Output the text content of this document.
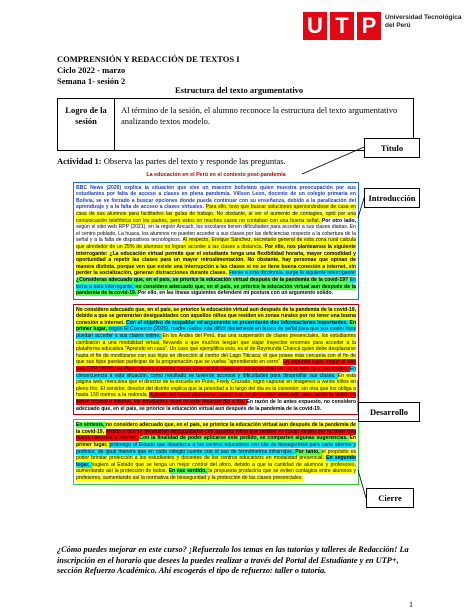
U T P	Universidad Tecnológica del Perú
COMPRENSIÓN Y REDACCIÓN DE TEXTOS I
Ciclo 2022 - marzo
Semana 1- sesión 2
Estructura del texto argumentativo
Logro de la sesión
Al término de la sesión, el alumno reconoce la estructura del texto argumentativo analizando textos modelo.
Actividad 1: Observa las partes del texto y responde las preguntas.
La educación en el Perú en el contexto post-pandemia

BBC News (2020) explica la situación que vive un maestro boliviano quien muestra preocupación por sus estudiantes por falta de acceso a clases en plena pandemia. Villson Leon, docente de un colegio primaria en Bolivia, se ve forzado a buscar opciones donde pueda continuar con su enseñanza, debido a la paralización del aprendizaje y a la falta de acceso a clases virtuales. Para ello, tuvo que buscar soluciones apersonándose de casa en casa de sus alumnos para facilitarles las guías de trabajo. No obstante, al ver el aumento de contagios, optó por una comunicación telefónica con los padres, pero estos en muchos casos no contaban con una buena señal. Por otro lado, según el sitio web RPP (2021), en la región Ancash, los escolares tienen dificultades para acceder a sus clases diarias. En el centro poblado, La huaca, los alumnos no pueden acceder a sus clases por las deficiencias respecto a la cobertura de la señal y a la falta de dispositivos tecnológicos. Al respecto, Enrique Sánchez, secretario general de esta zona rural calcula que alrededor de un 25% de alumnos no logran acceder a las clases a distancia. Por ello, nos planteamos la siguiente interrogante: ¿La educación virtual permite que el estudiante tenga una flexibilidad horaria, mayor comodidad y oportunidad a repetir las clases para un mayor retroalimentación. No obstante, hay personas que opinan de manera distinta, porque ven que existe una interrupción a las clases si no se tiene buena conexión a internet, sin perder la socialización, generan distracciones durante clases. Frente a esta dicotomía, surge la siguiente interrogante: ¿Consideras adecuado que, en el país, se priorice la educación virtual después de la pandemia de la covid-19? En torno a esta interrogante, no considero adecuado que, en el país, se priorice la educación virtual aun después de la pandemia de la covid-19. Por ello, en las líneas siguientes defenderé mi postura con un argumento sólido.

No considero adecuado que, en el país, se priorice la educación virtual aun después de la pandemia de la covid-19, debido a que se generarían desigualdades con aquellos niños que residen en zonas rurales por no tener una buena conexión a internet. Con el objetivo de respaldar mi argumento se presentarán dos informaciones importantes. En primer lugar, según El Comercio (2020), madre realiza ruta difícil diariamente en busca de señal para que sus cuatro hijos puedan acceder a sus clases online. En los Andes del Perú, tras una suspensión de clases presenciales, los estudiantes cambiaron a una modalidad virtual, llevando a que muchos tengan que viajar trayectos enormes para acceder a la plataforma educativa "Aprendo en casa". Un caso que ejemplifica esto, es el de Raymunda Chancá quien debe desplazarse hasta el fin de movilizarse con sus hijos en dirección al centro del Lago Titicaca; el que posee más cercanía con el fin de que sus hijos puedan participar de la programación que se vuelva "aprendiendo en cerro". En segundo lugar, según el sitio web RPP (2020), en Puno, alumnos subían cerros para recibir clases en espacios abiertos por la falta de conectividad. En consecuencia a esta situación, como resultado se tuvieron accesos y dificultades para desarrollar sus clases. En esta página web, menciona que el director de la escuela en Puno, Fredy Cruzado, logró capturar en imágenes a varios niños en pleno frío. El servidor, director del distrito explica que la prioridad a lo largo del día es la conexión; sin otra que los obliga a hasta 150 metros a la redonda. A pesar del frío el alumno no cuenta con un dispositivo adecuado para recibir la señal, no tienen acceso a internet, los estudiantes viven en esta situación día a día. En razón de lo antes expuesto, no considero adecuado que, en el país, se priorice la educación virtual aun después de la pandemia de la covid-19.

En síntesis, no considero adecuado que, en el país, se priorice la educación virtual aun después de la pandemia de la covid-19, debido a que se generarían desigualdades con aquellos niños que residen en zonas rurales por no tener una buena conexión a internet. Con la finalidad de poder aplicarse este pedido, se comparten algunas sugerencias. En primer lugar, propongo al Estado que abastezca a los centros educativos con kits de bioseguridad para cada alumno y profesor, de igual manera que en cada colegio cuente con el uso de termómetros infrarrojos. Por tanto, el propósito es poder brindar protección a los estudiantes y docentes de los centros educativos en modalidad presencial. En segundo lugar, sugiero al Estado que se tenga un mejor control del aforo, debido a que la cantidad de alumnos y profesores, aumentando así la protección de todos. En ese sentido, la propuesta produciría que se eviten contagios entre alumnos y profesores, aumentando así la normativa de bioseguridad y la protección de las clases presenciales.

Título
Introducción
Desarrollo
Cierre
¿Cómo puedes mejorar en este curso? ¡Refuerzalo los temas en las tutorías y talleres de Redacción! La inscripción en el horario que desees la puedes realizar a través del Portal del Estudiante y en UTP+, sección Refuerzo Académico. Ahí escogerás el tipo de refuerzo: taller o tutoría.
1
